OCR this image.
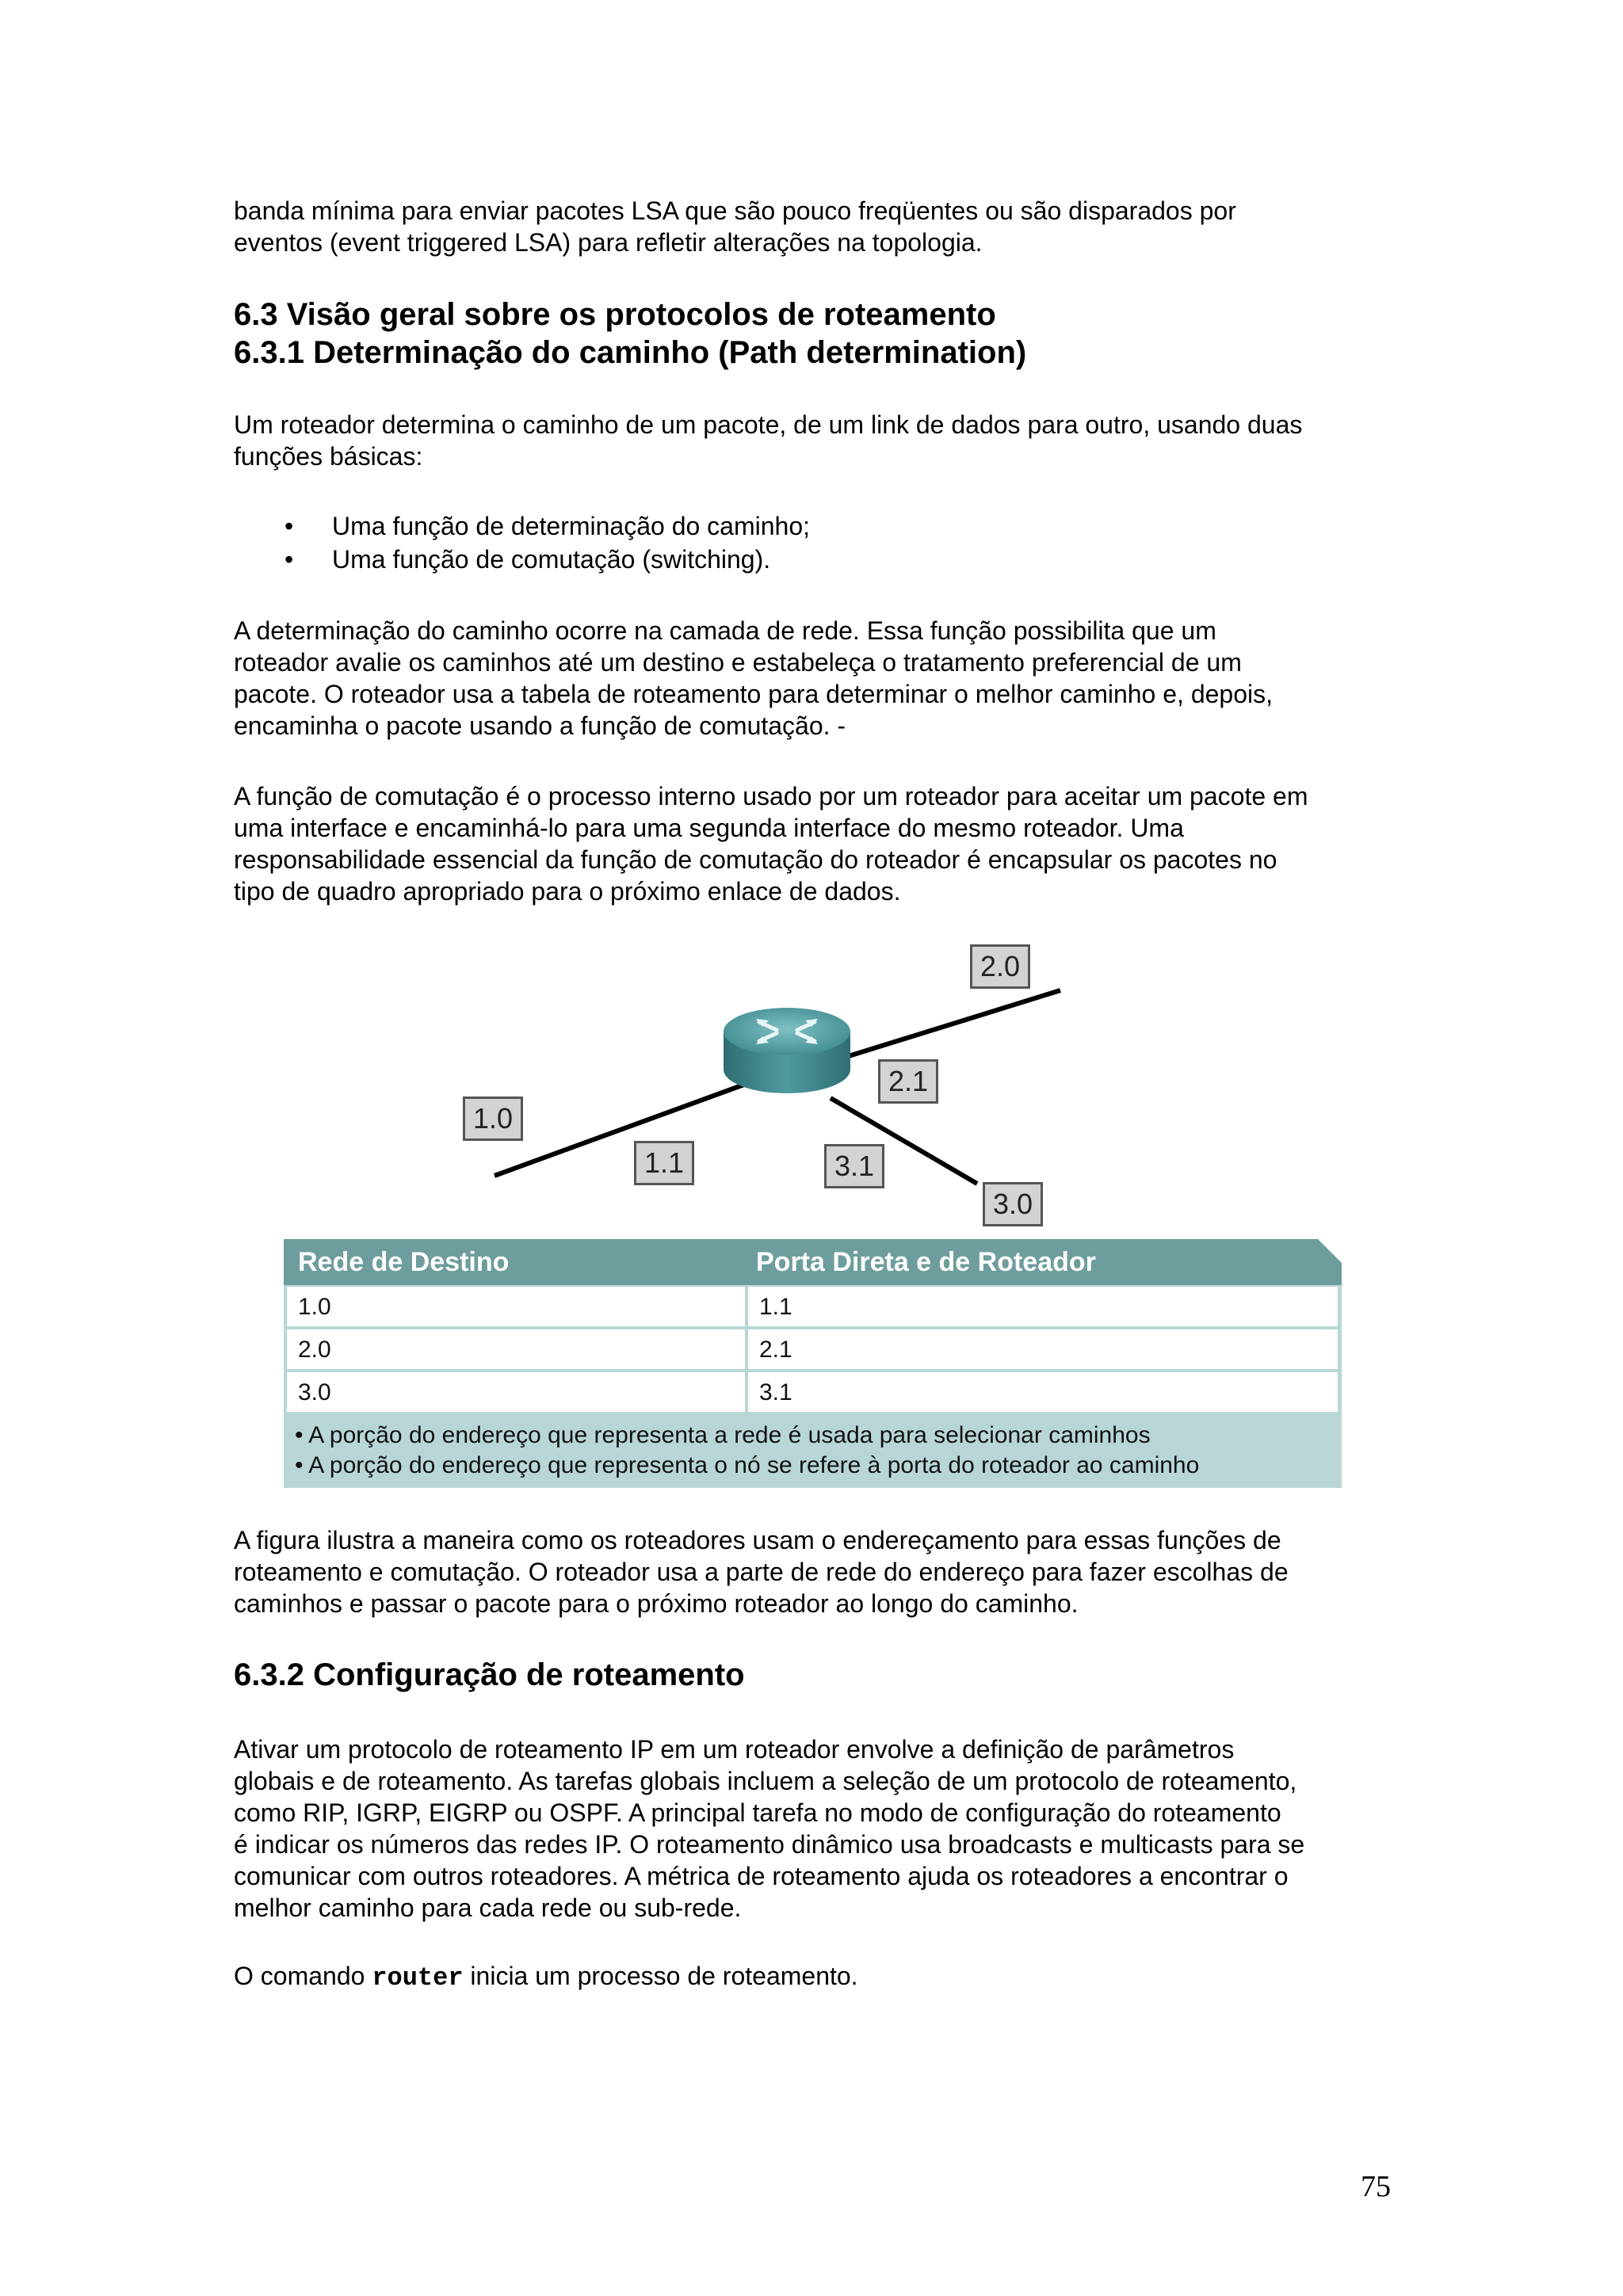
banda mínima para enviar pacotes LSA que são pouco freqüentes ou são disparados por

eventos (event triggered LSA) para refletir alterações na topologia.

6.3 Visão geral sobre os protocolos de roteamento
6.3.1 Determinação do caminho (Path determination)

Um roteador determina o caminho de um pacote, de um link de dados para outro, usando duas

funções básicas:

• Uma função de determinação do caminho;
• Uma função de comutação (switching).

A determinação do caminho ocorre na camada de rede. Essa função possibilita que um

roteador avalie os caminhos até um destino e estabeleça o tratamento preferencial de um

pacote. O roteador usa a tabela de roteamento para determinar o melhor caminho e, depois,

encaminha o pacote usando a função de comutação. -

A função de comutação é o processo interno usado por um roteador para aceitar um pacote em

uma interface e encaminhá-lo para uma segunda interface do mesmo roteador. Uma

responsabilidade essencial da função de comutação do roteador é encapsular os pacotes no

tipo de quadro apropriado para o próximo enlace de dados.

2.0
2.1
1.0
1.1	3.1
3.0
Rede de Destino	Porta Direta e de Roteador
1.0	1.1
2.0	2.1
3.0	3.1
• A porção do endereço que representa a rede é usada para selecionar caminhos
• A porção do endereço que representa o nó se refere à porta do roteador ao caminho

A figura ilustra a maneira como os roteadores usam o endereçamento para essas funções de

roteamento e comutação. O roteador usa a parte de rede do endereço para fazer escolhas de

caminhos e passar o pacote para o próximo roteador ao longo do caminho.

6.3.2 Configuração de roteamento

Ativar um protocolo de roteamento IP em um roteador envolve a definição de parâmetros

globais e de roteamento. As tarefas globais incluem a seleção de um protocolo de roteamento,

como RIP, IGRP, EIGRP ou OSPF. A principal tarefa no modo de configuração do roteamento

é indicar os números das redes IP. O roteamento dinâmico usa broadcasts e multicasts para se

comunicar com outros roteadores. A métrica de roteamento ajuda os roteadores a encontrar o

melhor caminho para cada rede ou sub-rede.

O comando router inicia um processo de roteamento.

75
